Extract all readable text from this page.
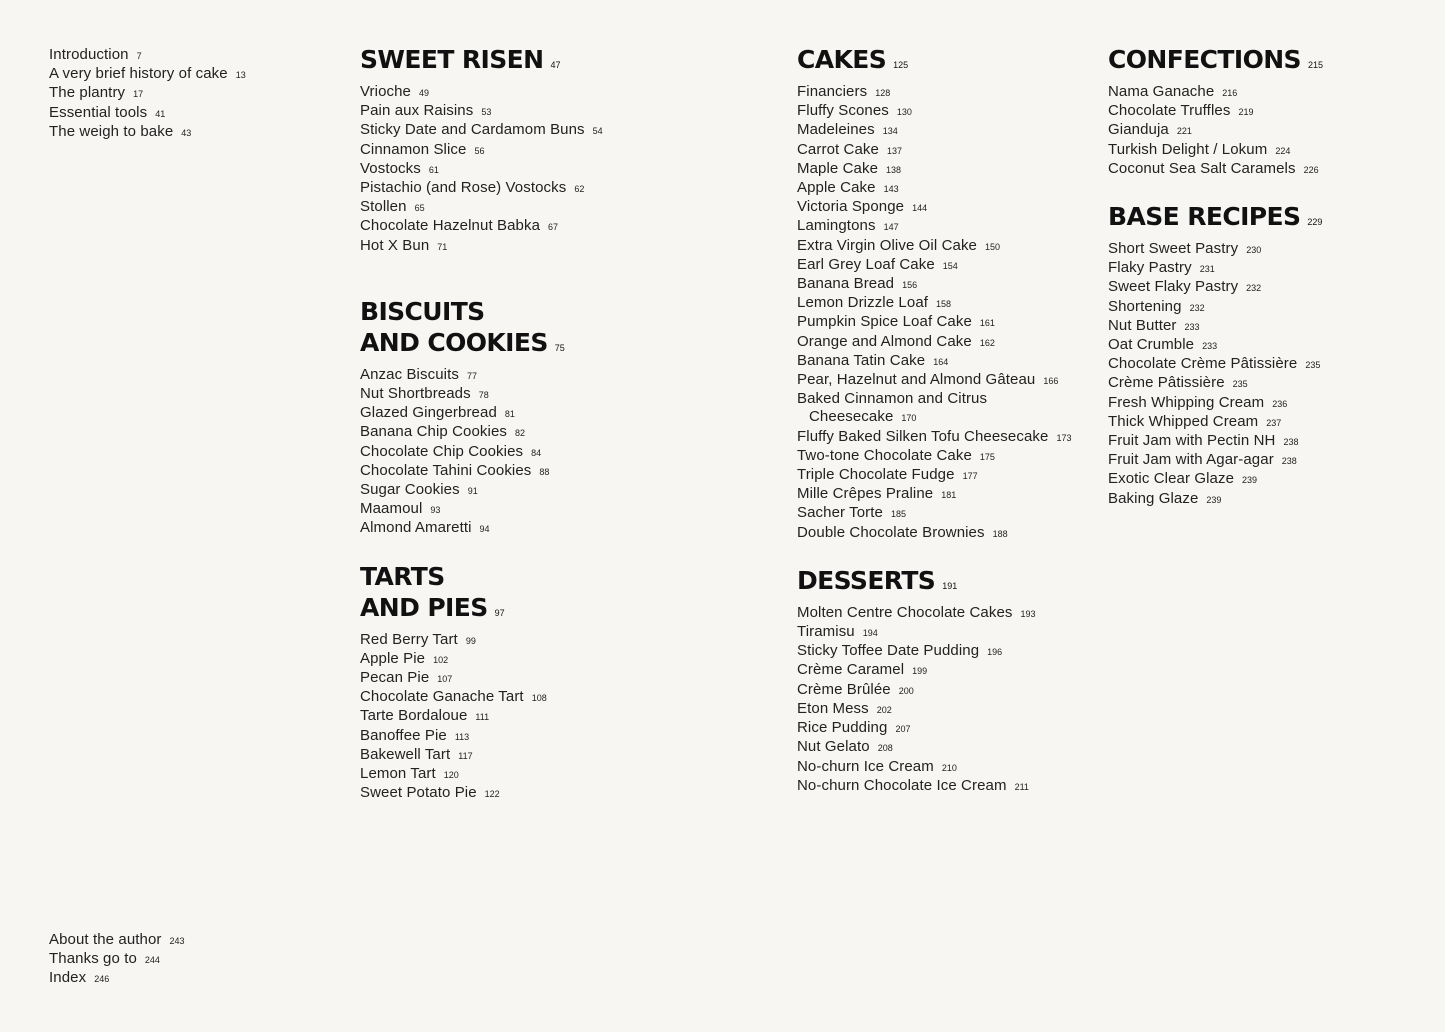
Introduction 7
A very brief history of cake 13
The plantry 17
Essential tools 41
The weigh to bake 43
About the author 243
Thanks go to 244
Index 246
SWEET RISEN 47
Vrioche 49
Pain aux Raisins 53
Sticky Date and Cardamom Buns 54
Cinnamon Slice 56
Vostocks 61
Pistachio (and Rose) Vostocks 62
Stollen 65
Chocolate Hazelnut Babka 67
Hot X Bun 71
BISCUITS
AND COOKIES 75
Anzac Biscuits 77
Nut Shortbreads 78
Glazed Gingerbread 81
Banana Chip Cookies 82
Chocolate Chip Cookies 84
Chocolate Tahini Cookies 88
Sugar Cookies 91
Maamoul 93
Almond Amaretti 94
TARTS
AND PIES 97
Red Berry Tart 99
Apple Pie 102
Pecan Pie 107
Chocolate Ganache Tart 108
Tarte Bordaloue 111
Banoffee Pie 113
Bakewell Tart 117
Lemon Tart 120
Sweet Potato Pie 122
CAKES 125
Financiers 128
Fluffy Scones 130
Madeleines 134
Carrot Cake 137
Maple Cake 138
Apple Cake 143
Victoria Sponge 144
Lamingtons 147
Extra Virgin Olive Oil Cake 150
Earl Grey Loaf Cake 154
Banana Bread 156
Lemon Drizzle Loaf 158
Pumpkin Spice Loaf Cake 161
Orange and Almond Cake 162
Banana Tatin Cake 164
Pear, Hazelnut and Almond Gâteau 166
Baked Cinnamon and Citrus
Cheesecake 170
Fluffy Baked Silken Tofu Cheesecake 173
Two-tone Chocolate Cake 175
Triple Chocolate Fudge 177
Mille Crêpes Praline 181
Sacher Torte 185
Double Chocolate Brownies 188
DESSERTS 191
Molten Centre Chocolate Cakes 193
Tiramisu 194
Sticky Toffee Date Pudding 196
Crème Caramel 199
Crème Brûlée 200
Eton Mess 202
Rice Pudding 207
Nut Gelato 208
No-churn Ice Cream 210
No-churn Chocolate Ice Cream 211
CONFECTIONS 215
Nama Ganache 216
Chocolate Truffles 219
Gianduja 221
Turkish Delight / Lokum 224
Coconut Sea Salt Caramels 226
BASE RECIPES 229
Short Sweet Pastry 230
Flaky Pastry 231
Sweet Flaky Pastry 232
Shortening 232
Nut Butter 233
Oat Crumble 233
Chocolate Crème Pâtissière 235
Crème Pâtissière 235
Fresh Whipping Cream 236
Thick Whipped Cream 237
Fruit Jam with Pectin NH 238
Fruit Jam with Agar-agar 238
Exotic Clear Glaze 239
Baking Glaze 239
